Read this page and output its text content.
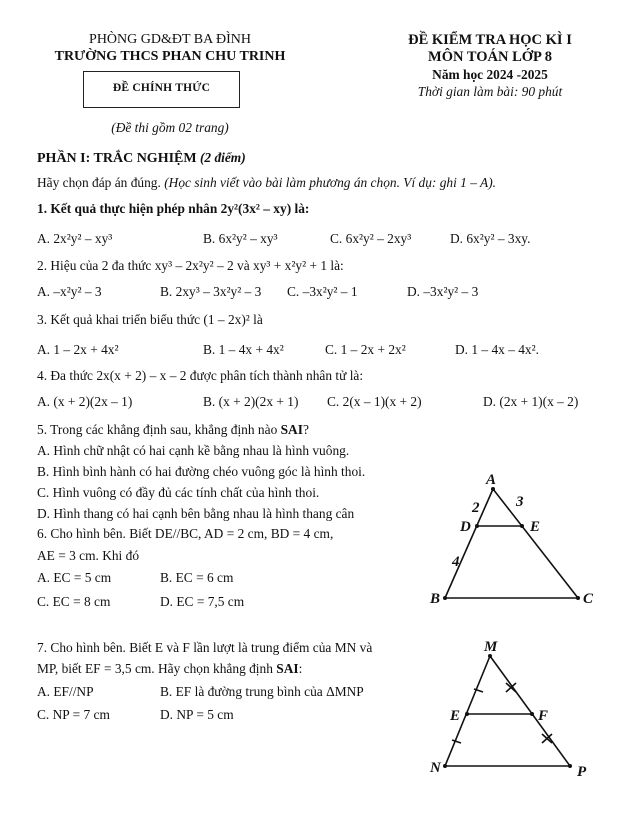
PHÒNG GD&ĐT BA ĐÌNH
TRƯỜNG THCS PHAN CHU TRINH
ĐỀ CHÍNH THỨC
(Đề thi gồm 02 trang)
ĐỀ KIỂM TRA HỌC KÌ I
MÔN TOÁN LỚP 8
Năm học 2024 -2025
Thời gian làm bài: 90 phút
PHẦN I: TRẮC NGHIỆM (2 điểm)
Hãy chọn đáp án đúng. (Học sinh viết vào bài làm phương án chọn. Ví dụ: ghi 1 – A).
1. Kết quả thực hiện phép nhân 2y²(3x² – xy) là:
A. 2x²y² – xy³	B. 6x²y² – xy³	C. 6x²y² – 2xy³	D. 6x²y² – 3xy.
2. Hiệu của 2 đa thức xy³ – 2x²y² – 2 và xy³ + x²y² + 1 là:
A. –x²y² – 3	B. 2xy³ – 3x²y² – 3 C. –3x²y² – 1	D. –3x²y² – 3
3. Kết quả khai triển biểu thức (1 – 2x)² là
A. 1 – 2x + 4x²	B. 1 – 4x + 4x²	C. 1 – 2x + 2x²	D. 1 – 4x – 4x².
4. Đa thức 2x(x + 2) – x – 2 được phân tích thành nhân tử là:
A. (x + 2)(2x – 1)	B. (x + 2)(2x + 1) C. 2(x – 1)(x + 2)	D. (2x + 1)(x – 2)
5. Trong các khẳng định sau, khẳng định nào SAI?
A. Hình chữ nhật có hai cạnh kề bằng nhau là hình vuông.
B. Hình bình hành có hai đường chéo vuông góc là hình thoi.
C. Hình vuông có đầy đủ các tính chất của hình thoi.
D. Hình thang có hai cạnh bên bằng nhau là hình thang cân
6. Cho hình bên. Biết DE//BC, AD = 2 cm, BD = 4 cm,
AE = 3 cm. Khi đó
A. EC = 5 cm	B. EC = 6 cm
C. EC = 8 cm	D. EC = 7,5 cm
A
D	E
B	C
2 3
4
7. Cho hình bên. Biết E và F lần lượt là trung điểm của MN và
MP, biết EF = 3,5 cm. Hãy chọn khẳng định SAI:
A. EF//NP	B. EF là đường trung bình của ΔMNP
C. NP = 7 cm	D. NP = 5 cm
M
E	F
N	P
